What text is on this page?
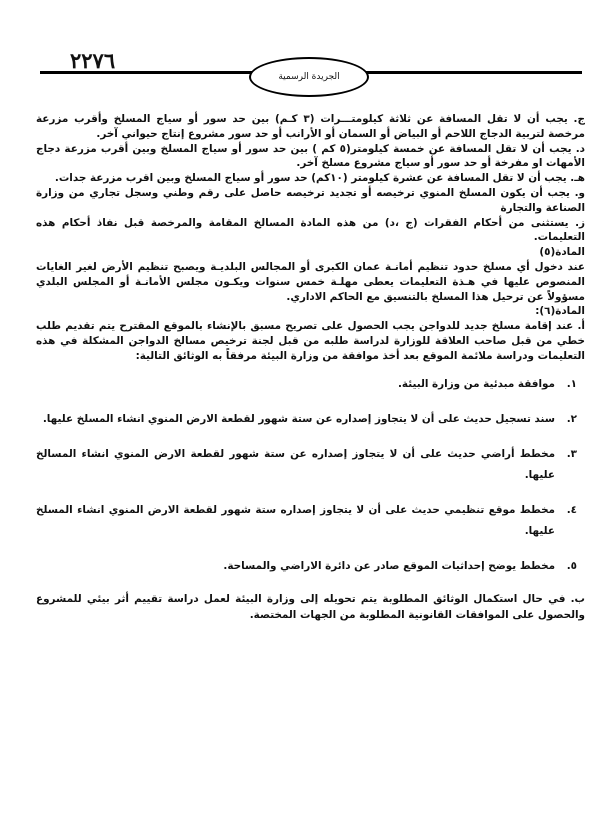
٢٢٧٦
الجريدة الرسمية

ج. يجب أن لا تقل المسافة عن ثلاثة كيلومتـــرات (٣ كـم) بين حد سور أو سياج المسلخ وأقرب مزرعة مرخصة لتربية الدجاج اللاحم أو البياض أو السمان أو الأرانب أو حد سور مشروع إنتاج حيواني آخر.

د. يجب أن لا تقل المسافة عن خمسة كيلومتر(٥ كم ) بين حد سور أو سياج المسلخ وبين أقرب مزرعة دجاج الأمهات او مفرخة أو حد سور أو سياج مشروع مسلخ آخر.

هـ. يجب أن لا تقل المسافة عن عشرة كيلومتر (١٠كم) حد سور أو سياج المسلخ وبين اقرب مزرعة جدات.

و. يجب أن يكون المسلخ المنوي ترخيصه أو تجديد ترخيصه حاصل على رقم وطني وسجل تجاري من وزارة الصناعة والتجارة

ز. يستثنى من أحكام الفقرات (ج ،د) من هذه المادة المسالخ المقامة والمرخصة قبل نفاذ أحكام هذه التعليمات.

المادة(٥)

عند دخول أي مسلخ حدود تنظيم أمانـة عمان الكبرى أو المجالس البلديـة ويصبح تنظيم الأرض لغير الغايات المنصوص عليها في هـذة التعليمات يعطى مهلـة خمس سنوات ويكـون مجلس الأمانـة أو المجلس البلدي مسؤولاً عن ترحيل هذا المسلخ بالتنسيق مع الحاكم الاداري.

المادة(٦):

أ. عند إقامة مسلخ جديد للدواجن يجب الحصول على تصريح مسبق بالإنشاء بالموقع المقترح يتم تقديم طلب خطي من قبل صاحب العلاقة للوزارة لدراسة طلبه من قبل لجنة ترخيص مسالخ الدواجن المشكلة في هذه التعليمات ودراسة ملائمة الموقع بعد أخذ موافقة من وزارة البيئة مرفقاً به الوثائق التالية:

١.
موافقة مبدئية من وزارة البيئة.
٢.
سند تسجيل حديث على أن لا يتجاوز إصداره عن ستة شهور لقطعة الارض المنوي انشاء المسلخ عليها.
٣.
مخطط أراضي حديث على أن لا يتجاوز إصداره عن ستة شهور لقطعة الارض المنوي انشاء المسالخ عليها.
٤.
مخطط موقع تنظيمي حديث على أن لا يتجاوز إصداره ستة شهور لقطعة الارض المنوي انشاء المسلخ عليها.
٥.
مخطط يوضح إحداثيات الموقع صادر عن دائرة الاراضي والمساحة.

ب. في حال استكمال الوثائق المطلوبة يتم تحويله إلى وزارة البيئة لعمل دراسة تقييم أثر بيئي للمشروع والحصول على الموافقات القانونية المطلوبة من الجهات المختصة.
